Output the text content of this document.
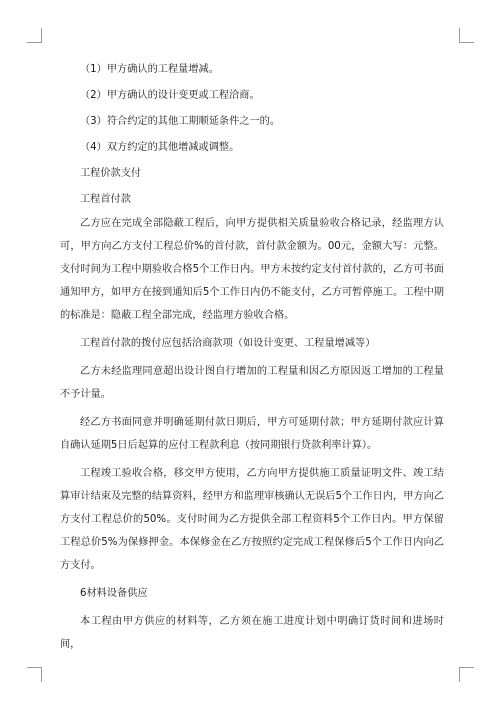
（1）甲方确认的工程量增减。
（2）甲方确认的设计变更或工程洽商。
（3）符合约定的其他工期顺延条件之一的。
（4）双方约定的其他增减或调整。
工程价款支付
工程首付款

乙方应在完成全部隐蔽工程后，向甲方提供相关质量验收合格记录，经监理方认可，甲方向乙方支付工程总价%的首付款，首付款金额为。00元，金额大写：元整。支付时间为工程中期验收合格5个工作日内。甲方未按约定支付首付款的，乙方可书面通知甲方，如甲方在接到通知后5个工作日内仍不能支付，乙方可暂停施工。工程中期的标准是：隐蔽工程全部完成，经监理方验收合格。

工程首付款的拨付应包括洽商款项（如设计变更、工程量增减等）

乙方未经监理同意超出设计图自行增加的工程量和因乙方原因返工增加的工程量不予计量。

经乙方书面同意并明确延期付款日期后，甲方可延期付款；甲方延期付款应计算自确认延期5日后起算的应付工程款利息（按同期银行贷款利率计算）。

工程竣工验收合格，移交甲方使用，乙方向甲方提供施工质量证明文件、竣工结算审计结束及完整的结算资料，经甲方和监理审核确认无误后5个工作日内，甲方向乙方支付工程总价的50%。支付时间为乙方提供全部工程资料5个工作日内。甲方保留工程总价5%为保修押金。本保修金在乙方按照约定完成工程保修后5个工作日内向乙方支付。

6材料设备供应

本工程由甲方供应的材料等，乙方须在施工进度计划中明确订货时间和进场时间，
